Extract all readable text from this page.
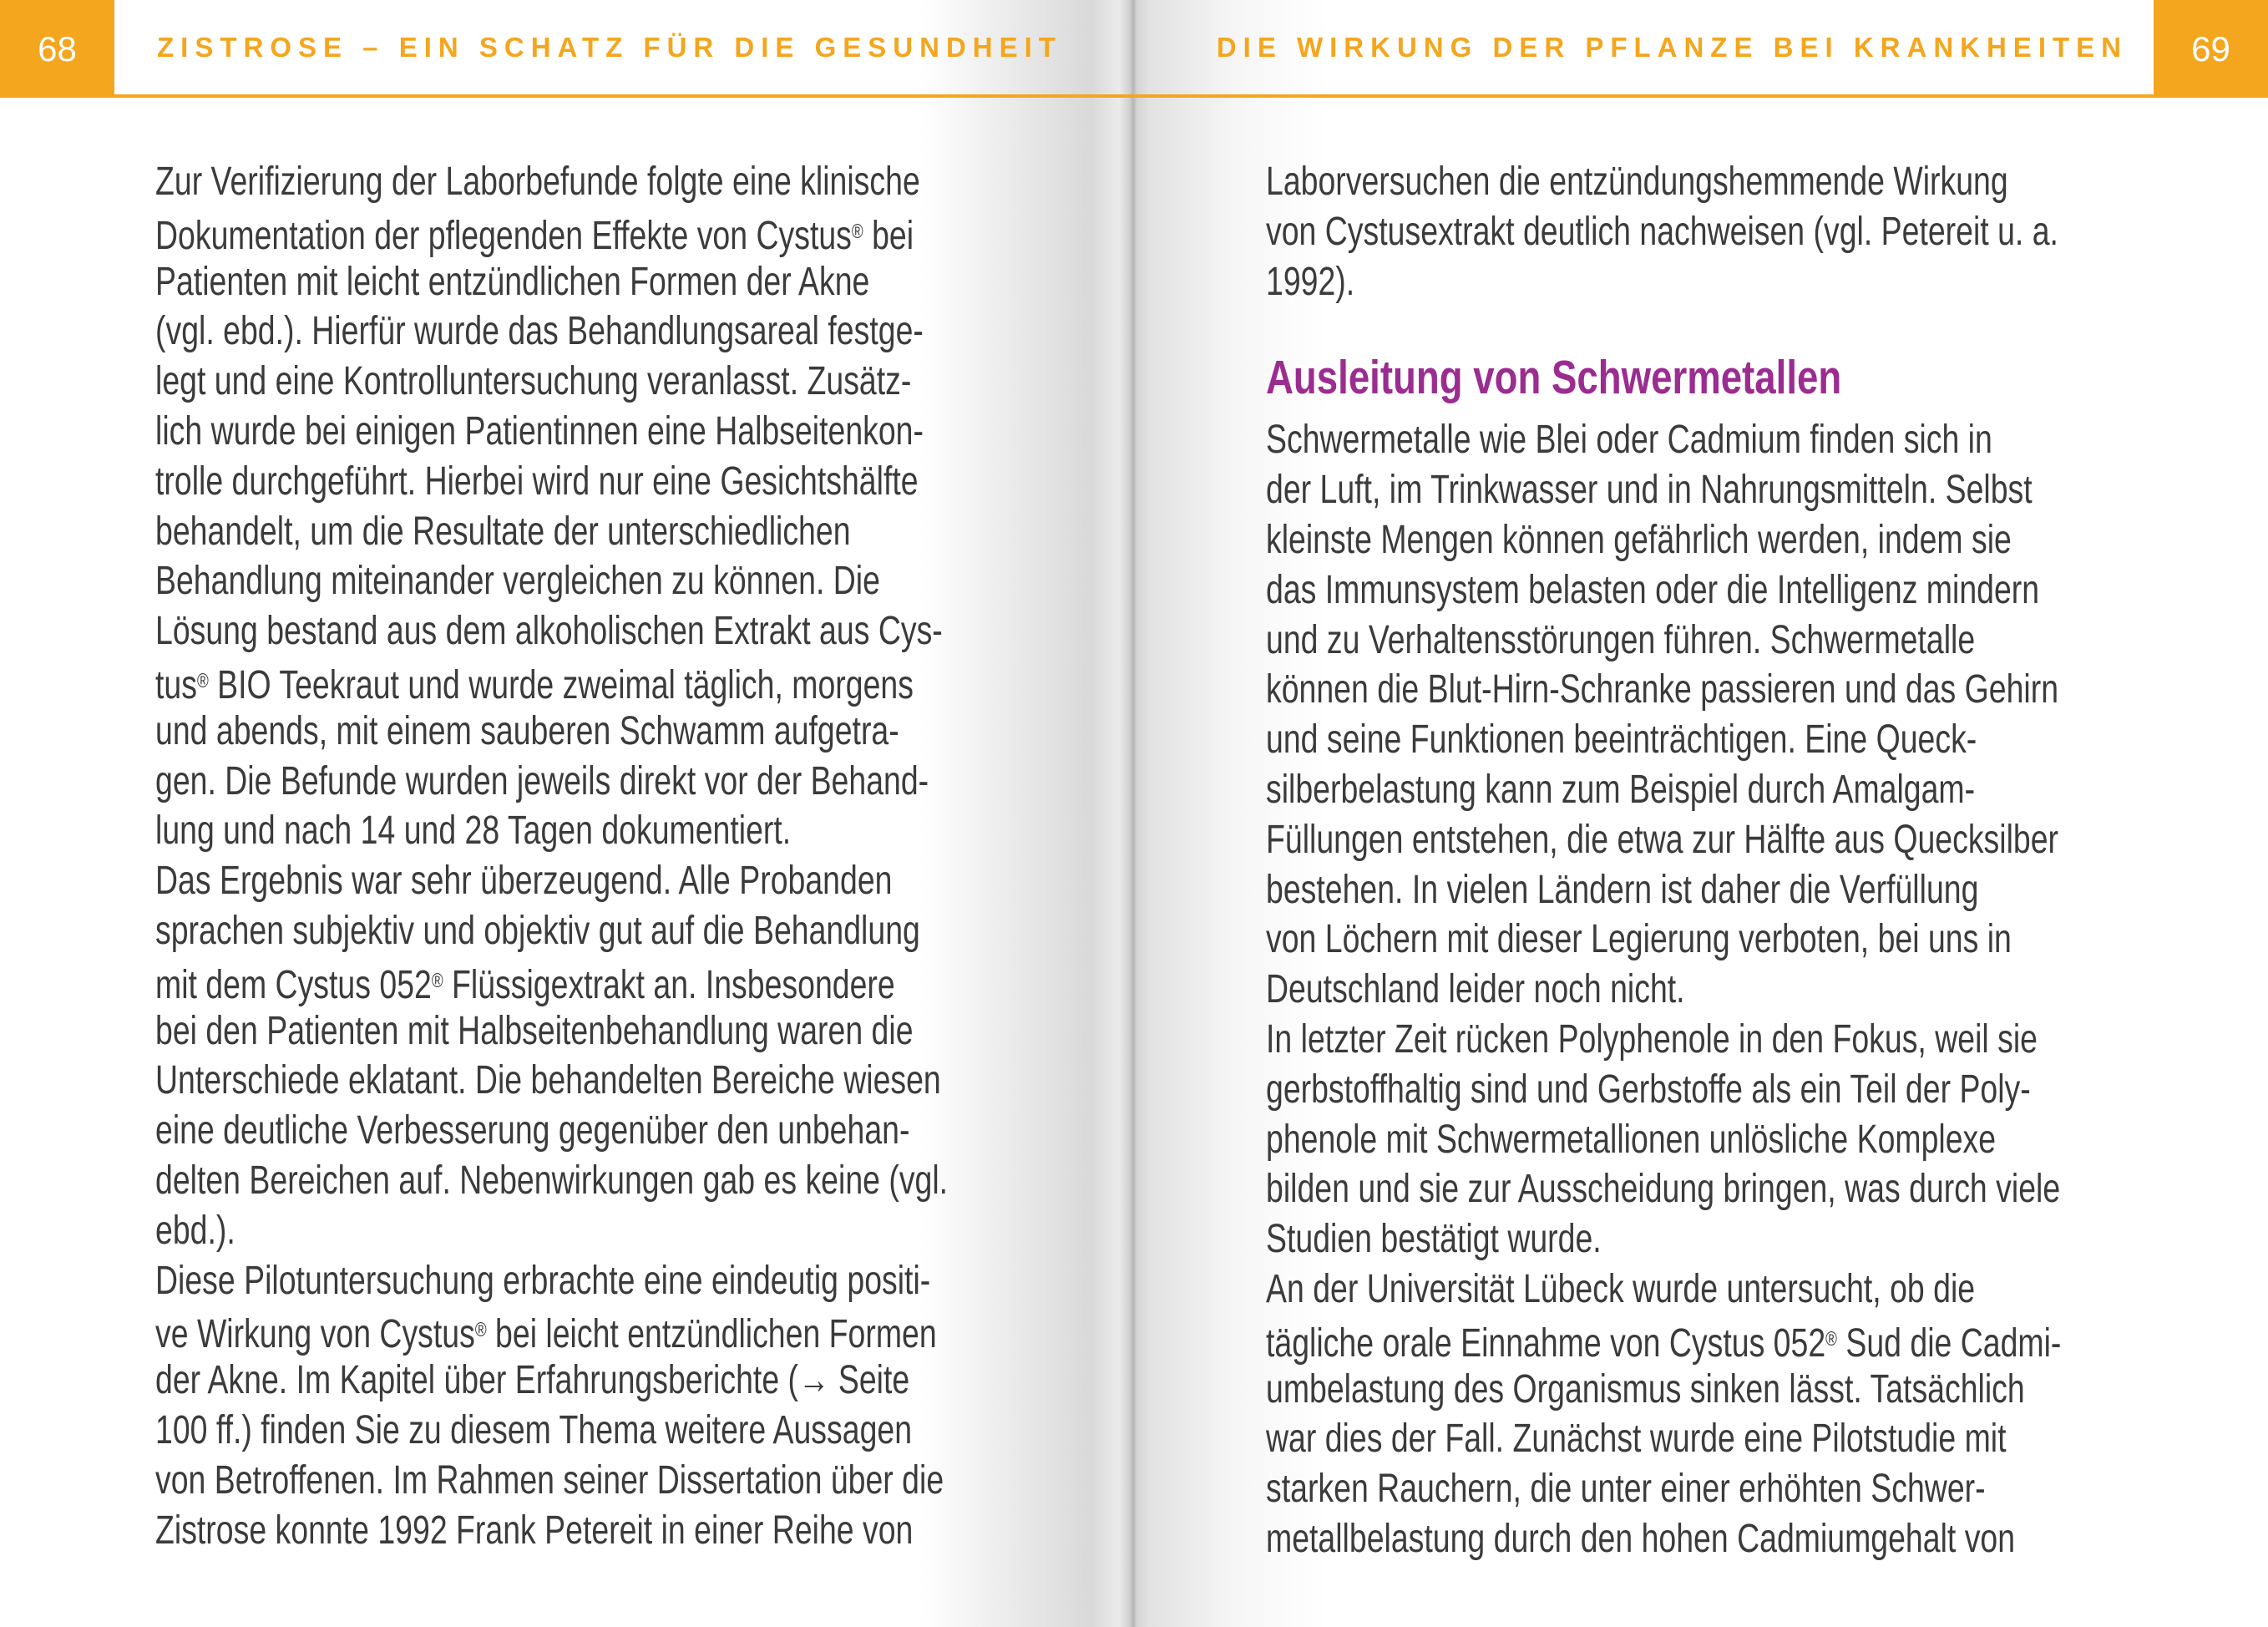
68	69
ZISTROSE – EIN SCHATZ FÜR DIE GESUNDHEIT	DIE WIRKUNG DER PFLANZE BEI KRANKHEITEN
Zur Verifizierung der Laborbefunde folgte eine klinische
Dokumentation der pflegenden Effekte von Cystus® bei
Patienten mit leicht entzündlichen Formen der Akne
(vgl. ebd.). Hierfür wurde das Behandlungsareal festge-
legt und eine Kontrolluntersuchung veranlasst. Zusätz-
lich wurde bei einigen Patientinnen eine Halbseitenkon-
trolle durchgeführt. Hierbei wird nur eine Gesichtshälfte
behandelt, um die Resultate der unterschiedlichen
Behandlung miteinander vergleichen zu können. Die
Lösung bestand aus dem alkoholischen Extrakt aus Cys-
tus® BIO Teekraut und wurde zweimal täglich, morgens
und abends, mit einem sauberen Schwamm aufgetra-
gen. Die Befunde wurden jeweils direkt vor der Behand-
lung und nach 14 und 28 Tagen dokumentiert.
Das Ergebnis war sehr überzeugend. Alle Probanden
sprachen subjektiv und objektiv gut auf die Behandlung
mit dem Cystus 052® Flüssigextrakt an. Insbesondere
bei den Patienten mit Halbseitenbehandlung waren die
Unterschiede eklatant. Die behandelten Bereiche wiesen
eine deutliche Verbesserung gegenüber den unbehan-
delten Bereichen auf. Nebenwirkungen gab es keine (vgl.
ebd.).
Diese Pilotuntersuchung erbrachte eine eindeutig positi-
ve Wirkung von Cystus® bei leicht entzündlichen Formen
der Akne. Im Kapitel über Erfahrungsberichte (→ Seite
100 ff.) finden Sie zu diesem Thema weitere Aussagen
von Betroffenen. Im Rahmen seiner Dissertation über die
Zistrose konnte 1992 Frank Petereit in einer Reihe von
Laborversuchen die entzündungshemmende Wirkung
von Cystusextrakt deutlich nachweisen (vgl. Petereit u. a.
1992).
Ausleitung von Schwermetallen
Schwermetalle wie Blei oder Cadmium finden sich in
der Luft, im Trinkwasser und in Nahrungsmitteln. Selbst
kleinste Mengen können gefährlich werden, indem sie
das Immunsystem belasten oder die Intelligenz mindern
und zu Verhaltensstörungen führen. Schwermetalle
können die Blut-Hirn-Schranke passieren und das Gehirn
und seine Funktionen beeinträchtigen. Eine Queck-
silberbelastung kann zum Beispiel durch Amalgam-
Füllungen entstehen, die etwa zur Hälfte aus Quecksilber
bestehen. In vielen Ländern ist daher die Verfüllung
von Löchern mit dieser Legierung verboten, bei uns in
Deutschland leider noch nicht.
In letzter Zeit rücken Polyphenole in den Fokus, weil sie
gerbstoffhaltig sind und Gerbstoffe als ein Teil der Poly-
phenole mit Schwermetallionen unlösliche Komplexe
bilden und sie zur Ausscheidung bringen, was durch viele
Studien bestätigt wurde.
An der Universität Lübeck wurde untersucht, ob die
tägliche orale Einnahme von Cystus 052® Sud die Cadmi-
umbelastung des Organismus sinken lässt. Tatsächlich
war dies der Fall. Zunächst wurde eine Pilotstudie mit
starken Rauchern, die unter einer erhöhten Schwer-
metallbelastung durch den hohen Cadmiumgehalt von
